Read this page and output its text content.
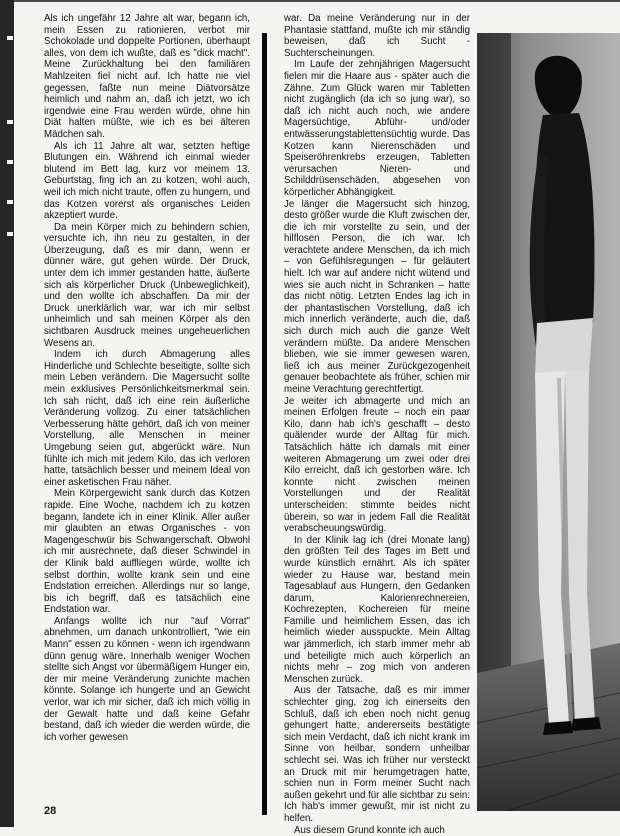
Als ich ungefähr 12 Jahre alt war, begann ich, mein Essen zu rationieren, verbot mir Schokolade und doppelte Portionen, überhaupt alles, von dem ich wußte, daß es "dick macht". Meine Zurückhaltung bei den familiären Mahlzeiten fiel nicht auf. Ich hatte nie viel gegessen, faßte nun meine Diätvorsätze heimlich und nahm an, daß ich jetzt, wo ich irgendwie eine Frau werden würde, ohne hin Diät halten müßte, wie ich es bei älteren Mädchen sah.

Als ich 11 Jahre alt war, setzten heftige Blutungen ein. Während ich einmal wieder blutend im Bett lag, kurz vor meinem 13. Geburtstag, fing ich an zu kotzen, wohl auch, weil ich mich nicht traute, offen zu hungern, und das Kotzen vorerst als organisches Leiden akzeptiert wurde.

Da mein Körper mich zu behindern schien, versuchte ich, ihn neu zu gestalten, in der Überzeugung, daß es mir dann, wenn er dünner wäre, gut gehen würde. Der Druck, unter dem ich immer gestanden hatte, äußerte sich als körperlicher Druck (Unbeweglichkeit), und den wollte ich abschaffen. Da mir der Druck unerklärlich war, war ich mir selbst unheimlich und sah meinen Körper als den sichtbaren Ausdruck meines ungeheuerlichen Wesens an.

Indem ich durch Abmagerung alles Hinderliche und Schlechte beseitigte, sollte sich mein Leben verändern. Die Magersucht sollte mein exklusives Persönlichkeitsmerkmal sein. Ich sah nicht, daß ich eine rein äußerliche Veränderung vollzog. Zu einer tatsächlichen Verbesserung hätte gehört, daß ich von meiner Vorstellung, alle Menschen in meiner Umgebung seien gut, abgerückt wäre. Nun fühlte ich mich mit jedem Kilo, das ich verloren hatte, tatsächlich besser und meinem Ideal von einer asketischen Frau näher.

Mein Körpergewicht sank durch das Kotzen rapide. Eine Woche, nachdem ich zu kotzen begann, landete ich in einer Klinik. Aller außer mir glaubten an etwas Organisches - von Magengeschwür bis Schwangerschaft. Obwohl ich mir ausrechnete, daß dieser Schwindel in der Klinik bald auffliegen würde, wollte ich selbst dorthin, wollte krank sein und eine Endstation erreichen. Allerdings nur so lange, bis ich begriff, daß es tatsächlich eine Endstation war.

Anfangs wollte ich nur "auf Vorrat" abnehmen, um danach unkontrolliert, "wie ein Mann" essen zu können - wenn ich irgendwann dünn genug wäre. Innerhalb weniger Wochen stellte sich Angst vor übermäßigem Hunger ein, der mir meine Veränderung zunichte machen könnte. Solange ich hungerte und an Gewicht verlor, war ich mir sicher, daß ich mich völlig in der Gewalt hatte und daß keine Gefahr bestand, daß ich wieder die werden würde, die ich vorher gewesen

war. Da meine Veränderung nur in der Phantasie stattfand, mußte ich mir ständig beweisen, daß ich Sucht - Suchterscheinungen.

Im Laufe der zehnjährigen Magersucht fielen mir die Haare aus - später auch die Zähne. Zum Glück waren mir Tabletten nicht zugänglich (da ich so jung war), so daß ich nicht auch noch, wie andere Magersüchtige, Abführ- und/oder entwässerungstablettensüchtig wurde. Das Kotzen kann Nierenschäden und Speiseröhrenkrebs erzeugen, Tabletten verursachen Nieren- und Schilddrüsenschäden, abgesehen von körperlicher Abhängigkeit.

Je länger die Magersucht sich hinzog, desto größer wurde die Kluft zwischen der, die ich mir vorstellte zu sein, und der hilflosen Person, die ich war. Ich verachtete andere Menschen, da ich mich – von Gefühlsregungen – für geläutert hielt. Ich war auf andere nicht wütend und wies sie auch nicht in Schranken – hatte das nicht nötig. Letzten Endes lag ich in der phantastischen Vorstellung, daß ich mich innerlich veränderte, auch die, daß sich durch mich auch die ganze Welt verändern müßte. Da andere Menschen blieben, wie sie immer gewesen waren, ließ ich aus meiner Zurückgezogenheit genauer beobachtete als früher, schien mir meine Verachtung gerechtfertigt.

Je weiter ich abmagerte und mich an meinen Erfolgen freute – noch ein paar Kilo, dann hab ich's geschafft – desto quälender wurde der Alltag für mich. Tatsächlich hätte ich damals mit einer weiteren Abmagerung um zwei oder drei Kilo erreicht, daß ich gestorben wäre. Ich konnte nicht zwischen meinen Vorstellungen und der Realität unterscheiden: stimmte beides nicht überein, so war in jedem Fall die Realität verabscheuungswürdig.

In der Klinik lag ich (drei Monate lang) den größten Teil des Tages im Bett und wurde künstlich ernährt. Als ich später wieder zu Hause war, bestand mein Tagesablauf aus Hungern, den Gedanken darum, Kalorienrechnereien, Kochrezepten, Kochereien für meine Familie und heimlichem Essen, das ich heimlich wieder ausspuckte. Mein Alltag war jämmerlich, ich starb immer mehr ab und beteiligte mich auch körperlich an nichts mehr – zog mich von anderen Menschen zurück.

Aus der Tatsache, daß es mir immer schlechter ging, zog ich einerseits den Schluß, daß ich eben noch nicht genug gehungert hatte, andererseits bestätigte sich mein Verdacht, daß ich nicht krank im Sinne von heilbar, sondern unheilbar schlecht sei. Was ich früher nur versteckt an Druck mit mir herumgetragen hatte, schien nun in Form meiner Sucht nach außen gekehrt und für alle sichtbar zu sein: Ich hab's immer gewußt, mir ist nicht zu helfen.

Aus diesem Grund konnte ich auch

28
